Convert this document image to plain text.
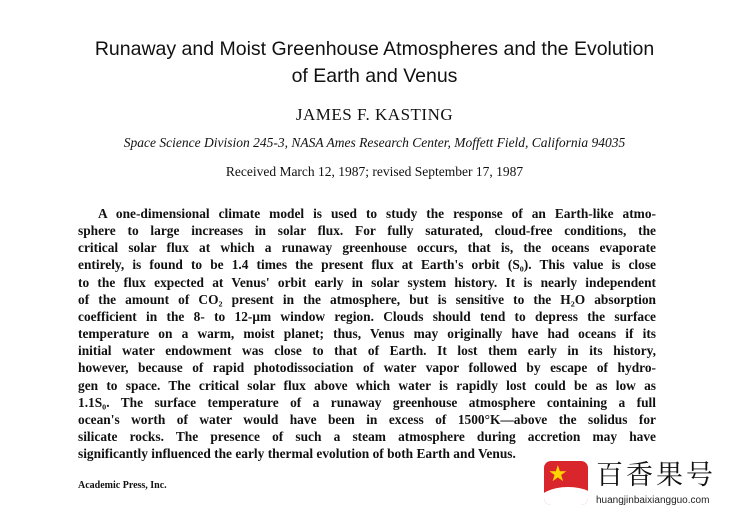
Runaway and Moist Greenhouse Atmospheres and the Evolution
of Earth and Venus
JAMES F. KASTING
Space Science Division 245-3, NASA Ames Research Center, Moffett Field, California 94035
Received March 12, 1987; revised September 17, 1987
A one-dimensional climate model is used to study the response of an Earth-like atmo-
sphere to large increases in solar flux. For fully saturated, cloud-free conditions, the
critical solar flux at which a runaway greenhouse occurs, that is, the oceans evaporate
entirely, is found to be 1.4 times the present flux at Earth's orbit (S₀). This value is close
to the flux expected at Venus' orbit early in solar system history. It is nearly independent
of the amount of CO₂ present in the atmosphere, but is sensitive to the H₂O absorption
coefficient in the 8- to 12-μm window region. Clouds should tend to depress the surface
temperature on a warm, moist planet; thus, Venus may originally have had oceans if its
initial water endowment was close to that of Earth. It lost them early in its history,
however, because of rapid photodissociation of water vapor followed by escape of hydro-
gen to space. The critical solar flux above which water is rapidly lost could be as low as
1.1S₀. The surface temperature of a runaway greenhouse atmosphere containing a full
ocean's worth of water would have been in excess of 1500°K—above the solidus for
silicate rocks. The presence of such a steam atmosphere during accretion may have
significantly influenced the early thermal evolution of both Earth and Venus.
Academic Press, Inc.	★ 百香果号
huangjinbaixiangguo.com
